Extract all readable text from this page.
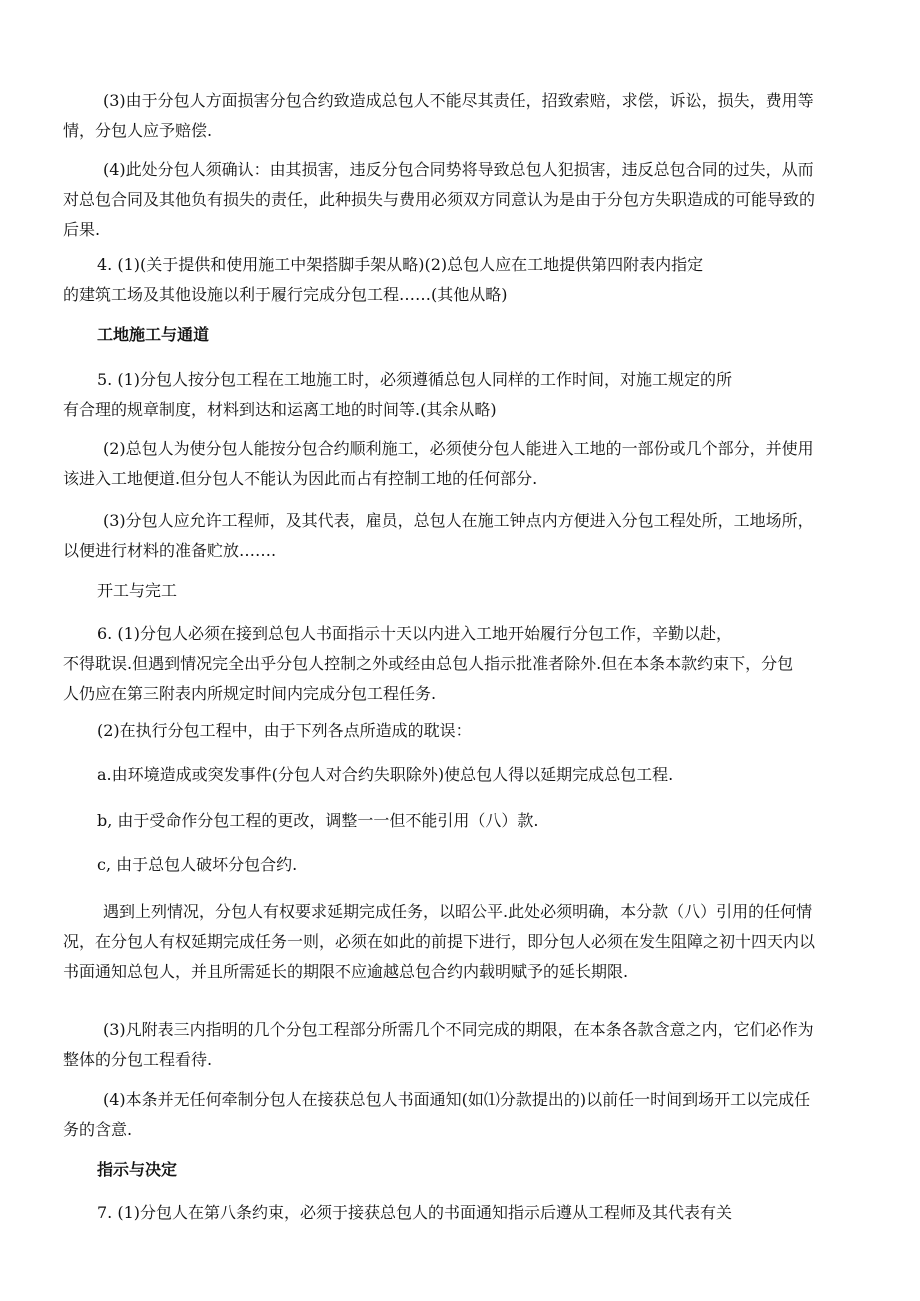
(3)由于分包人方面损害分包合约致造成总包人不能尽其责任，招致索赔，求偿，诉讼，损失，费用等
情，分包人应予赔偿.
(4)此处分包人须确认：由其损害，违反分包合同势将导致总包人犯损害，违反总包合同的过失，从而
对总包合同及其他负有损失的责任，此种损失与费用必须双方同意认为是由于分包方失职造成的可能导致的
后果.
4. (1)(关于提供和使用施工中架搭脚手架从略)(2)总包人应在工地提供第四附表内指定
的建筑工场及其他设施以利于履行完成分包工程……(其他从略)
工地施工与通道
5. (1)分包人按分包工程在工地施工时，必须遵循总包人同样的工作时间，对施工规定的所
有合理的规章制度，材料到达和运离工地的时间等.(其余从略)
(2)总包人为使分包人能按分包合约顺利施工，必须使分包人能进入工地的一部份或几个部分，并使用
该进入工地便道.但分包人不能认为因此而占有控制工地的任何部分.
(3)分包人应允许工程师，及其代表，雇员，总包人在施工钟点内方便进入分包工程处所，工地场所，
以便进行材料的准备贮放…….
开工与完工
6. (1)分包人必须在接到总包人书面指示十天以内进入工地开始履行分包工作，辛勤以赴，
不得耽误.但遇到情况完全出乎分包人控制之外或经由总包人指示批准者除外.但在本条本款约束下，分包
人仍应在第三附表内所规定时间内完成分包工程任务.
(2)在执行分包工程中，由于下列各点所造成的耽误：
a.由环境造成或突发事件(分包人对合约失职除外)使总包人得以延期完成总包工程.
b, 由于受命作分包工程的更改，调整一一但不能引用（八）款.
c, 由于总包人破坏分包合约.
遇到上列情况，分包人有权要求延期完成任务，以昭公平.此处必须明确，本分款（八）引用的任何情
况，在分包人有权延期完成任务一则，必须在如此的前提下进行，即分包人必须在发生阻障之初十四天内以
书面通知总包人，并且所需延长的期限不应逾越总包合约内载明赋予的延长期限.
(3)凡附表三内指明的几个分包工程部分所需几个不同完成的期限，在本条各款含意之内，它们必作为
整体的分包工程看待.
(4)本条并无任何牵制分包人在接获总包人书面通知(如⑴分款提出的)以前任一时间到场开工以完成任
务的含意.
指示与决定
7. (1)分包人在第八条约束，必须于接获总包人的书面通知指示后遵从工程师及其代表有关
